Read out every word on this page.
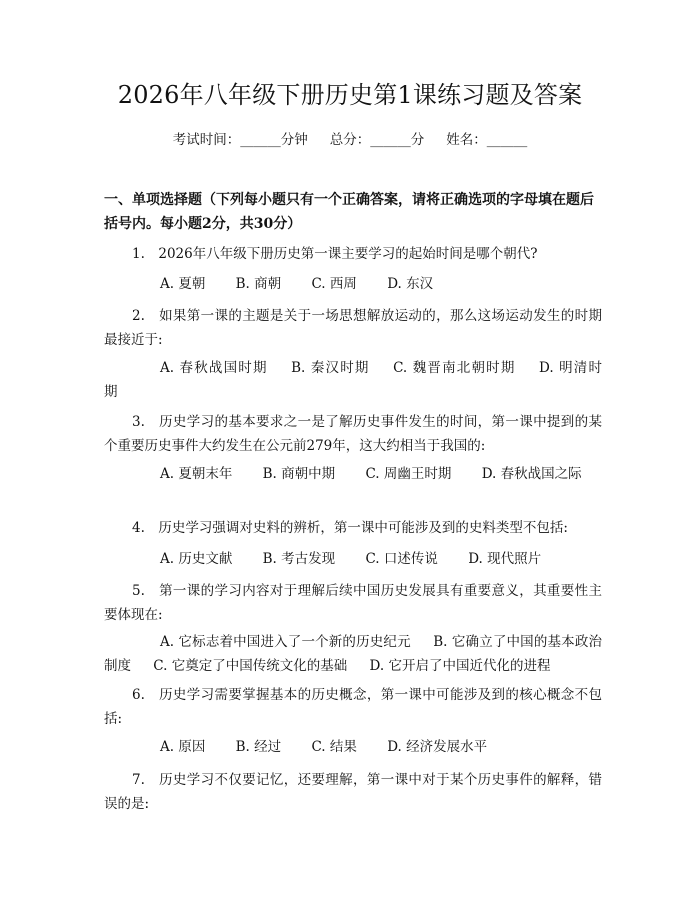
2026年八年级下册历史第1课练习题及答案
考试时间：______分钟 总分：______分 姓名：______

一、单项选择题（下列每小题只有一个正确答案，请将正确选项的字母填在题后括号内。每小题2分，共30分）

1.　2026年八年级下册历史第一课主要学习的起始时间是哪个朝代?

A. 夏朝 B. 商朝 C. 西周 D. 东汉

2.　如果第一课的主题是关于一场思想解放运动的，那么这场运动发生的时期最接近于:

A. 春秋战国时期 B. 秦汉时期 C. 魏晋南北朝时期 D. 明清时期

3.　历史学习的基本要求之一是了解历史事件发生的时间，第一课中提到的某个重要历史事件大约发生在公元前279年，这大约相当于我国的:

A. 夏朝末年 B. 商朝中期 C. 周幽王时期 D. 春秋战国之际

4.　历史学习强调对史料的辨析，第一课中可能涉及到的史料类型不包括:

A. 历史文献 B. 考古发现 C. 口述传说 D. 现代照片

5.　第一课的学习内容对于理解后续中国历史发展具有重要意义，其重要性主要体现在:

A. 它标志着中国进入了一个新的历史纪元 B. 它确立了中国的基本政治制度 C. 它奠定了中国传统文化的基础 D. 它开启了中国近代化的进程

6.　历史学习需要掌握基本的历史概念，第一课中可能涉及到的核心概念不包括:

A. 原因 B. 经过 C. 结果 D. 经济发展水平

7.　历史学习不仅要记忆，还要理解，第一课中对于某个历史事件的解释，错误的是:
